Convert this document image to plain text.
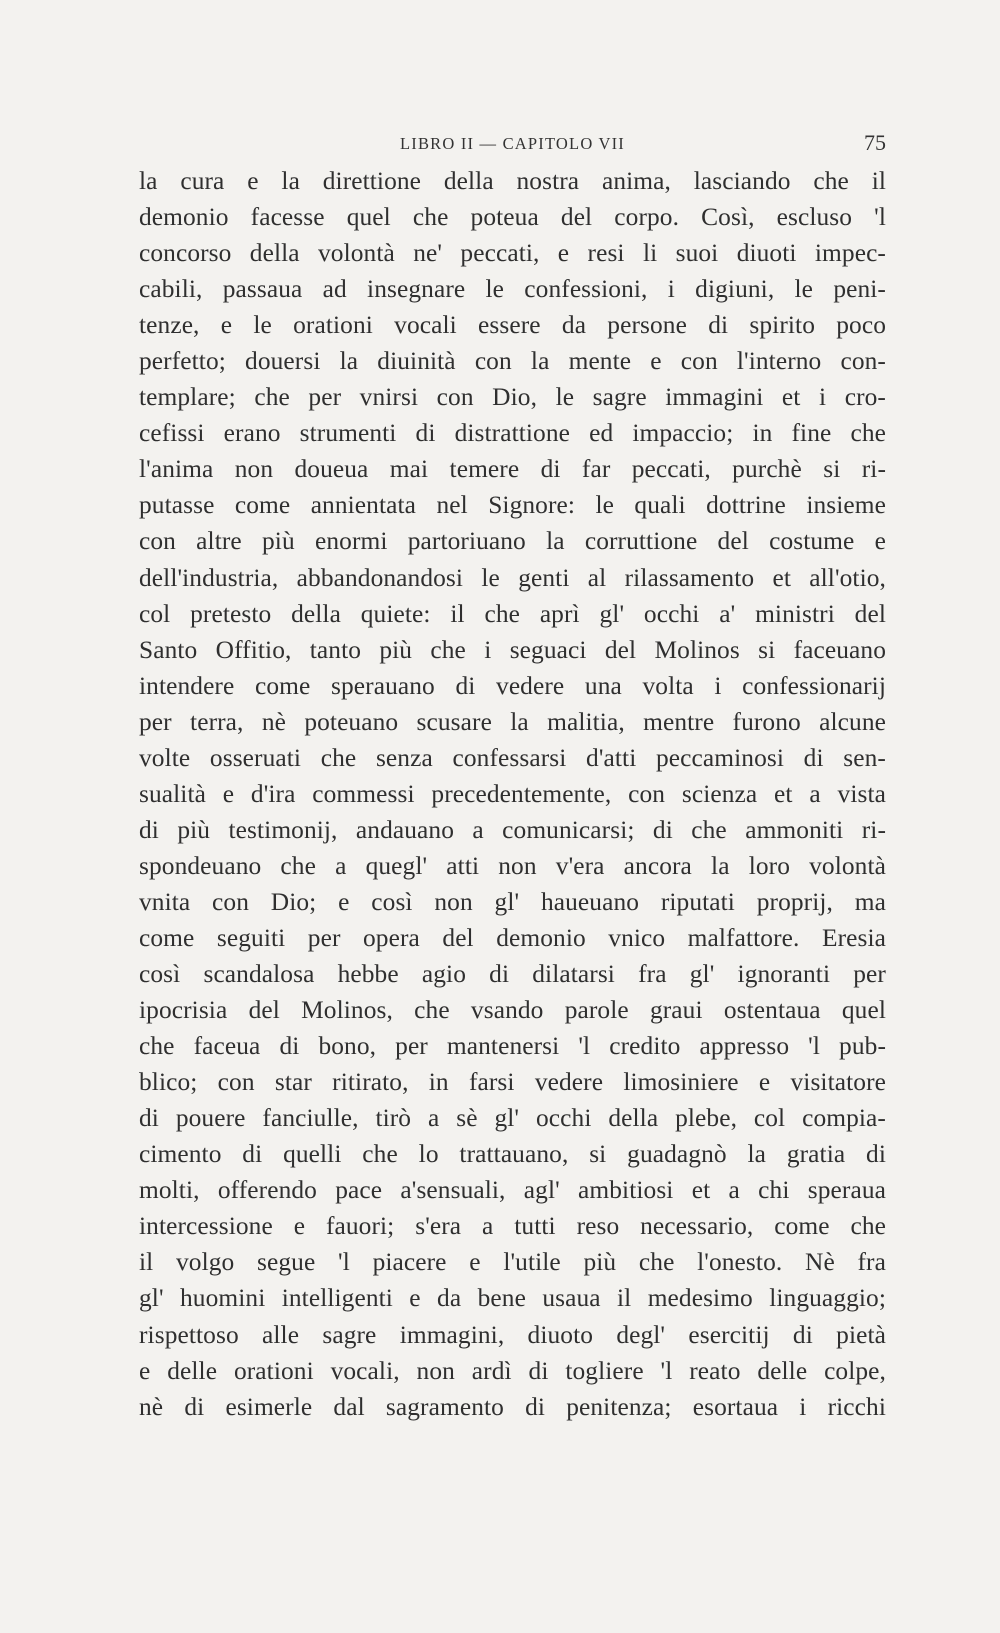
LIBRO II — CAPITOLO VII	75
la cura e la direttione della nostra anima, lasciando che il
demonio facesse quel che poteua del corpo. Così, escluso 'l
concorso della volontà ne' peccati, e resi li suoi diuoti impec-
cabili, passaua ad insegnare le confessioni, i digiuni, le peni-
tenze, e le orationi vocali essere da persone di spirito poco
perfetto; douersi la diuinità con la mente e con l'interno con-
templare; che per vnirsi con Dio, le sagre immagini et i cro-
cefissi erano strumenti di distrattione ed impaccio; in fine che
l'anima non doueua mai temere di far peccati, purchè si ri-
putasse come annientata nel Signore: le quali dottrine insieme
con altre più enormi partoriuano la corruttione del costume e
dell'industria, abbandonandosi le genti al rilassamento et all'otio,
col pretesto della quiete: il che aprì gl' occhi a' ministri del
Santo Offitio, tanto più che i seguaci del Molinos si faceuano
intendere come sperauano di vedere una volta i confessionarij
per terra, nè poteuano scusare la malitia, mentre furono alcune
volte osseruati che senza confessarsi d'atti peccaminosi di sen-
sualità e d'ira commessi precedentemente, con scienza et a vista
di più testimonij, andauano a comunicarsi; di che ammoniti ri-
spondeuano che a quegl' atti non v'era ancora la loro volontà
vnita con Dio; e così non gl' haueuano riputati proprij, ma
come seguiti per opera del demonio vnico malfattore. Eresia
così scandalosa hebbe agio di dilatarsi fra gl' ignoranti per
ipocrisia del Molinos, che vsando parole graui ostentaua quel
che faceua di bono, per mantenersi 'l credito appresso 'l pub-
blico; con star ritirato, in farsi vedere limosiniere e visitatore
di pouere fanciulle, tirò a sè gl' occhi della plebe, col compia-
cimento di quelli che lo trattauano, si guadagnò la gratia di
molti, offerendo pace a'sensuali, agl' ambitiosi et a chi speraua
intercessione e fauori; s'era a tutti reso necessario, come che
il volgo segue 'l piacere e l'utile più che l'onesto. Nè fra
gl' huomini intelligenti e da bene usaua il medesimo linguaggio;
rispettoso alle sagre immagini, diuoto degl' esercitij di pietà
e delle orationi vocali, non ardì di togliere 'l reato delle colpe,
nè di esimerle dal sagramento di penitenza; esortaua i ricchi
